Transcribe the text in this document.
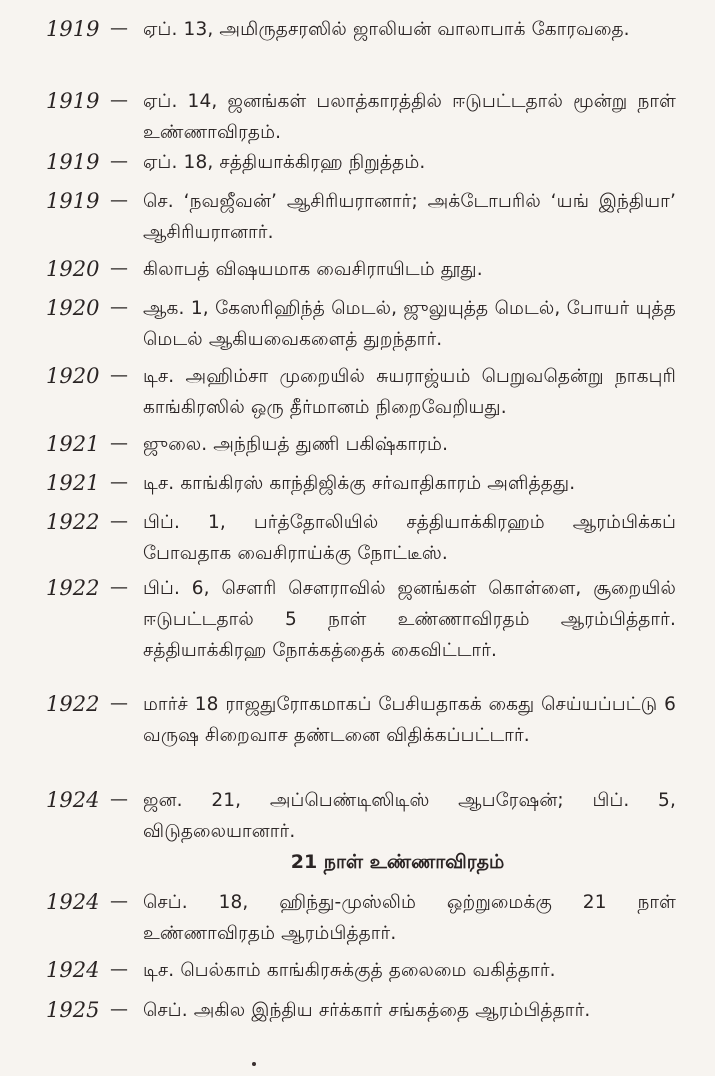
1919 — ஏப். 13, அமிருதசரஸில் ஜாலியன் வாலாபாக் கோரவதை.
1919 — ஏப். 14, ஜனங்கள் பலாத்காரத்தில் ஈடுபட்டதால் மூன்று நாள் உண்ணாவிரதம்.
1919 — ஏப். 18, சத்தியாக்கிரஹ நிறுத்தம்.
1919 — செ. ‘நவஜீவன்’ ஆசிரியரானார்; அக்டோபரில் ‘யங் இந்தியா’ ஆசிரியரானார்.
1920 — கிலாபத் விஷயமாக வைசிராயிடம் தூது.
1920 — ஆக. 1, கேஸரிஹிந்த் மெடல், ஜுலுயுத்த மெடல், போயர் யுத்த மெடல் ஆகியவைகளைத் துறந்தார்.
1920 — டிச. அஹிம்சா முறையில் சுயராஜ்யம் பெறுவதென்று நாகபுரி காங்கிரஸில் ஒரு தீர்மானம் நிறைவேறியது.
1921 — ஜுலை. அந்நியத் துணி பகிஷ்காரம்.
1921 — டிச. காங்கிரஸ் காந்திஜிக்கு சர்வாதிகாரம் அளித்தது.
1922 — பிப். 1, பர்த்தோலியில் சத்தியாக்கிரஹம் ஆரம்பிக்கப் போவதாக வைசிராய்க்கு நோட்டீஸ்.
1922 — பிப். 6, சௌரி சௌராவில் ஜனங்கள் கொள்ளை, சூறையில் ஈடுபட்டதால் 5 நாள் உண்ணாவிரதம் ஆரம்பித்தார். சத்தியாக்கிரஹ நோக்கத்தைக் கைவிட்டார்.
1922 — மார்ச் 18 ராஜதுரோகமாகப் பேசியதாகக் கைது செய்யப்பட்டு 6 வருஷ சிறைவாச தண்டனை விதிக்கப்பட்டார்.
1924 — ஜன. 21, அப்பெண்டிஸிடிஸ் ஆபரேஷன்; பிப். 5, விடுதலையானார்.
21 நாள் உண்ணாவிரதம்
1924 — செப். 18, ஹிந்து-முஸ்லிம் ஒற்றுமைக்கு 21 நாள் உண்ணாவிரதம் ஆரம்பித்தார்.
1924 — டிச. பெல்காம் காங்கிரசுக்குத் தலைமை வகித்தார்.
1925 — செப். அகில இந்திய சர்க்கார் சங்கத்தை ஆரம்பித்தார்.
